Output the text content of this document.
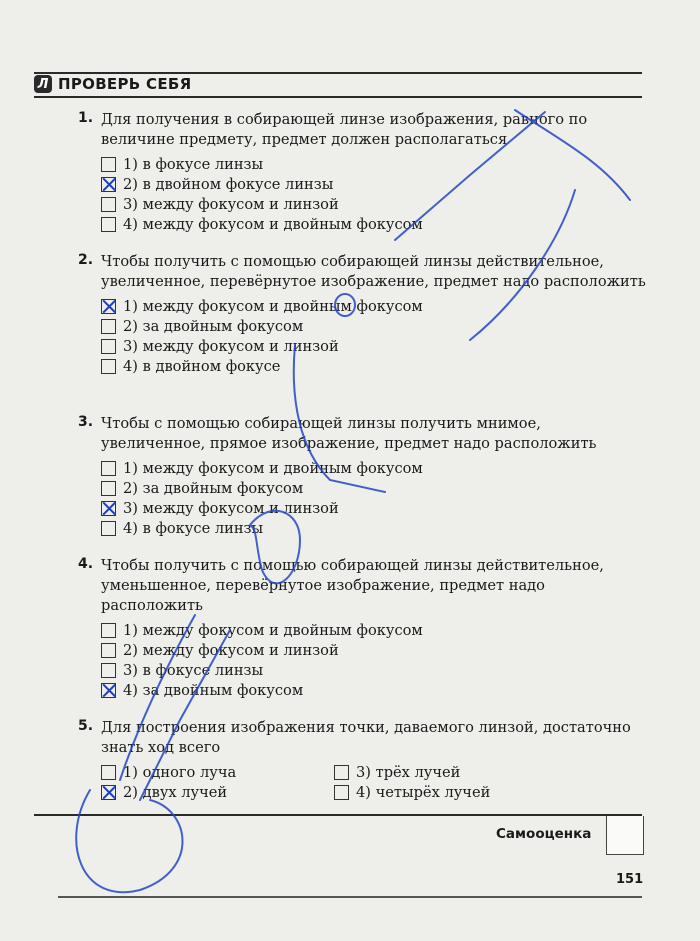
Л ПРОВЕРЬ СЕБЯ
1. Для получения в собирающей линзе изображения, равного по величине предмету, предмет должен располагаться
1) в фокусе линзы
2) в двойном фокусе линзы
3) между фокусом и линзой
4) между фокусом и двойным фокусом
2. Чтобы получить с помощью собирающей линзы действительное, увеличенное, перевёрнутое изображение, предмет надо расположить
1) между фокусом и двойным фокусом
2) за двойным фокусом
3) между фокусом и линзой
4) в двойном фокусе
3. Чтобы с помощью собирающей линзы получить мнимое, увеличенное, прямое изображение, предмет надо расположить
1) между фокусом и двойным фокусом
2) за двойным фокусом
3) между фокусом и линзой
4) в фокусе линзы
4. Чтобы получить с помощью собирающей линзы действительное, уменьшенное, перевёрнутое изображение, предмет надо расположить
1) между фокусом и двойным фокусом
2) между фокусом и линзой
3) в фокусе линзы
4) за двойным фокусом
5. Для построения изображения точки, даваемого линзой, достаточно знать ход всего
1) одного луча
2) двух лучей
3) трёх лучей
4) четырёх лучей
Самооценка
151
